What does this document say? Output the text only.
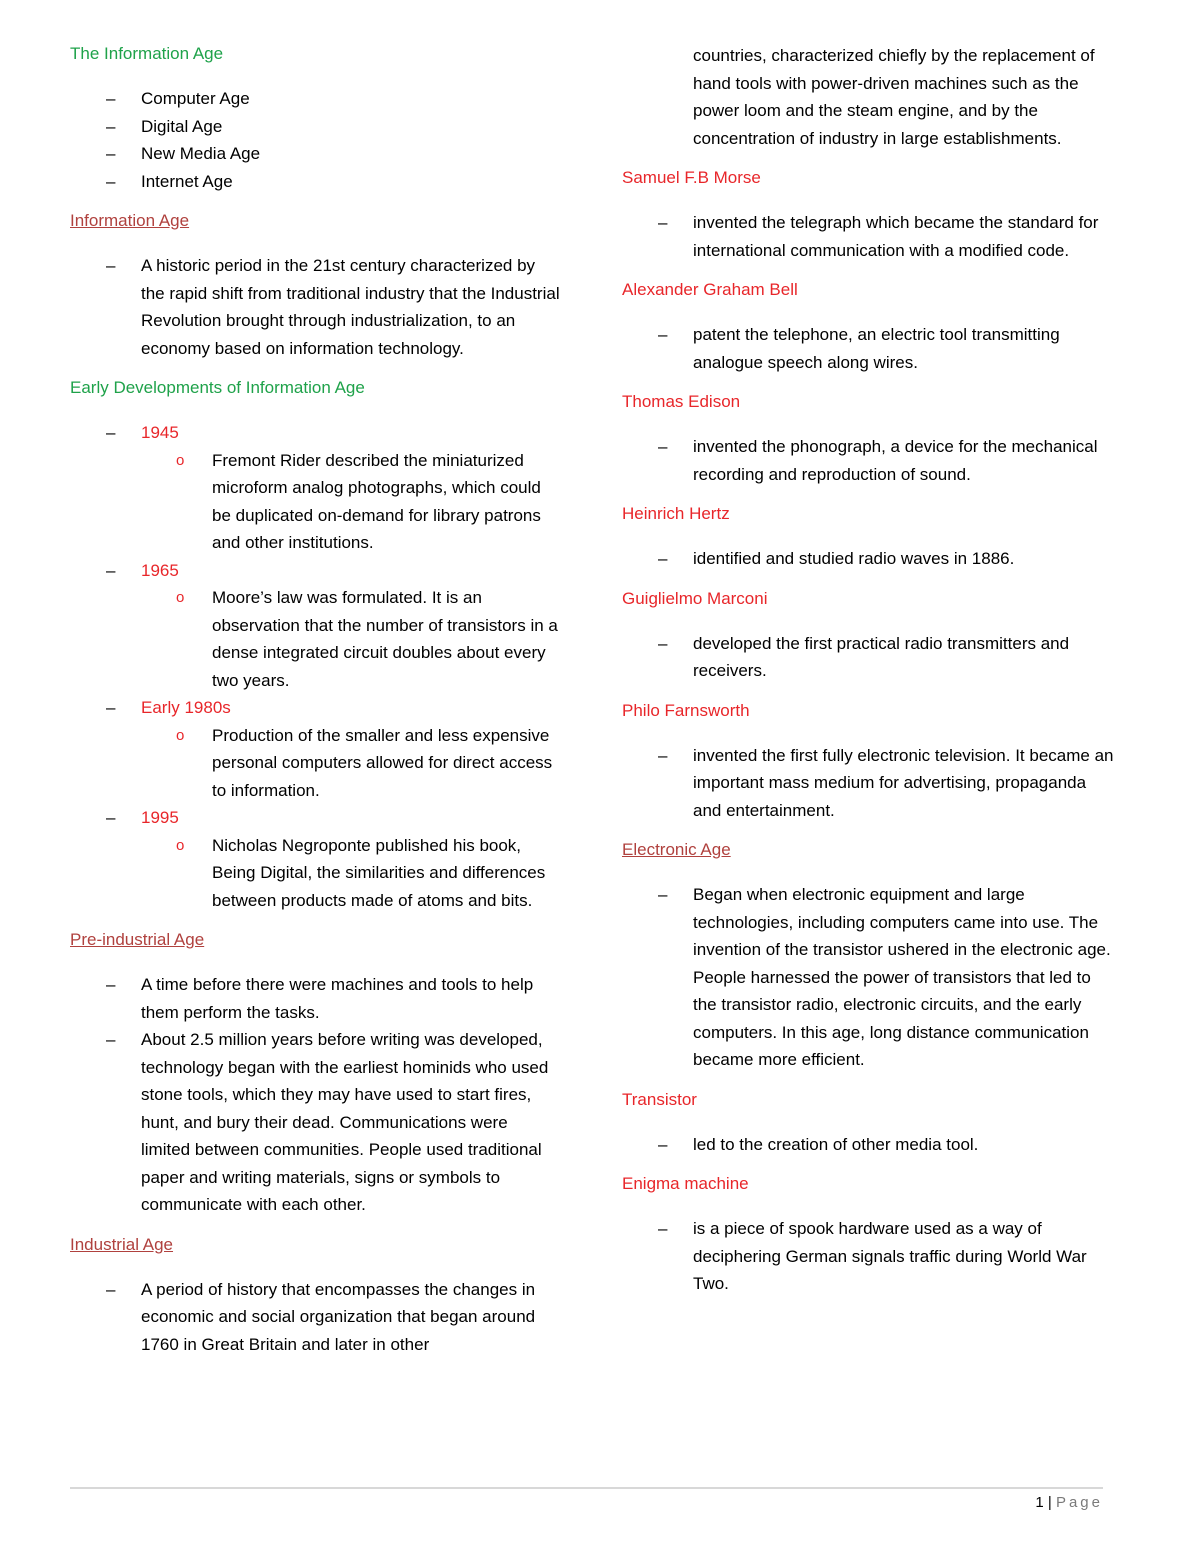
The Information Age
– Computer Age
– Digital Age
– New Media Age
– Internet Age
Information Age
– A historic period in the 21st century characterized by the rapid shift from traditional industry that the Industrial Revolution brought through industrialization, to an economy based on information technology.
Early Developments of Information Age
– 1945
o Fremont Rider described the miniaturized microform analog photographs, which could be duplicated on-demand for library patrons and other institutions.
– 1965
o Moore’s law was formulated. It is an observation that the number of transistors in a dense integrated circuit doubles about every two years.
– Early 1980s
o Production of the smaller and less expensive personal computers allowed for direct access to information.
– 1995
o Nicholas Negroponte published his book, Being Digital, the similarities and differences between products made of atoms and bits.
Pre-industrial Age
– A time before there were machines and tools to help them perform the tasks.
– About 2.5 million years before writing was developed, technology began with the earliest hominids who used stone tools, which they may have used to start fires, hunt, and bury their dead. Communications were limited between communities. People used traditional paper and writing materials, signs or symbols to communicate with each other.
Industrial Age
– A period of history that encompasses the changes in economic and social organization that began around 1760 in Great Britain and later in other
countries, characterized chiefly by the replacement of hand tools with power-driven machines such as the power loom and the steam engine, and by the concentration of industry in large establishments.
Samuel F.B Morse
– invented the telegraph which became the standard for international communication with a modified code.
Alexander Graham Bell
– patent the telephone, an electric tool transmitting analogue speech along wires.
Thomas Edison
– invented the phonograph, a device for the mechanical recording and reproduction of sound.
Heinrich Hertz
– identified and studied radio waves in 1886.
Guiglielmo Marconi
– developed the first practical radio transmitters and receivers.
Philo Farnsworth
– invented the first fully electronic television. It became an important mass medium for advertising, propaganda and entertainment.
Electronic Age
– Began when electronic equipment and large technologies, including computers came into use. The invention of the transistor ushered in the electronic age. People harnessed the power of transistors that led to the transistor radio, electronic circuits, and the early computers. In this age, long distance communication became more efficient.
Transistor
– led to the creation of other media tool.
Enigma machine
– is a piece of spook hardware used as a way of deciphering German signals traffic during World War Two.
1 | Page
